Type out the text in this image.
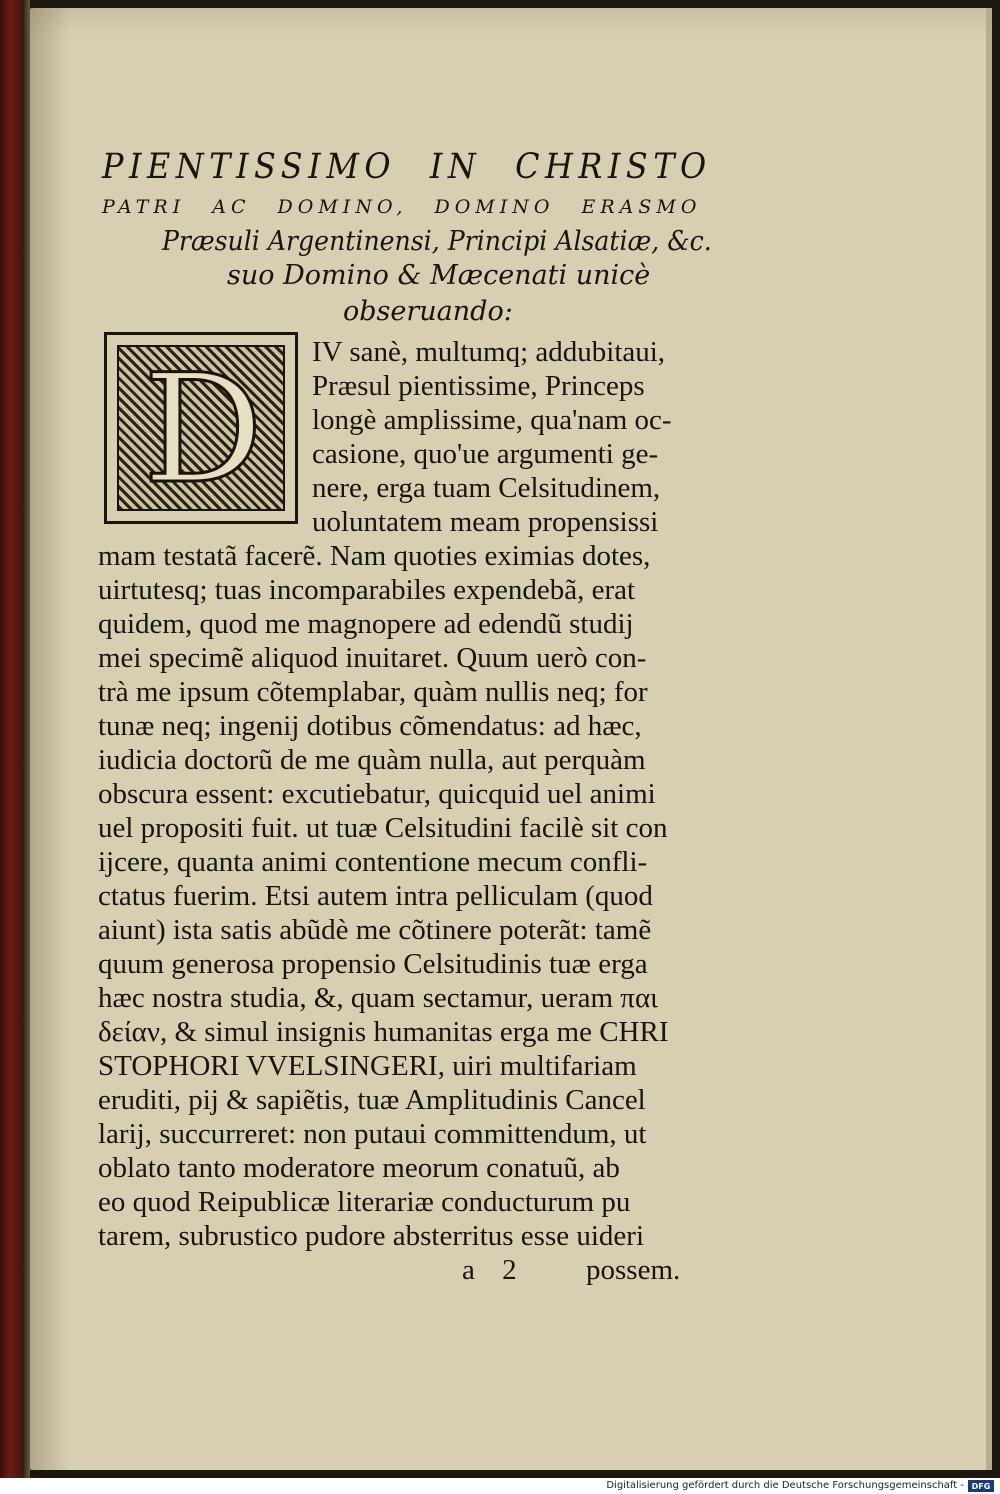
PIENTISSIMO IN CHRISTO
PATRI AC DOMINO, DOMINO ERASMO
Præsuli Argentinensi, Principi Alsatiæ, &c.
suo Domino & Mæcenati unicè
obseruando:
D	IV sanè, multumq; addubitaui,
Præsul pientissime, Princeps
longè amplissime, qua'nam oc-
casione, quo'ue argumenti ge-
nere, erga tuam Celsitudinem,
uoluntatem meam propensissi
mam testatã facerẽ. Nam quoties eximias dotes,
uirtutesq; tuas incomparabiles expendebã, erat
quidem, quod me magnopere ad edendũ studij
mei specimẽ aliquod inuitaret. Quum uerò con-
trà me ipsum cõtemplabar, quàm nullis neq; for
tunæ neq; ingenij dotibus cõmendatus: ad hæc,
iudicia doctorũ de me quàm nulla, aut perquàm
obscura essent: excutiebatur, quicquid uel animi
uel propositi fuit. ut tuæ Celsitudini facilè sit con
ijcere, quanta animi contentione mecum confli-
ctatus fuerim. Etsi autem intra pelliculam (quod
aiunt) ista satis abũdè me cõtinere poterãt: tamẽ
quum generosa propensio Celsitudinis tuæ erga
hæc nostra studia, &, quam sectamur, ueram παι
δείαν, & simul insignis humanitas erga me CHRI
STOPHORI VVELSINGERI, uiri multifariam
eruditi, pij & sapiẽtis, tuæ Amplitudinis Cancel
larij, succurreret: non putaui committendum, ut
oblato tanto moderatore meorum conatuũ, ab
eo quod Reipublicæ literariæ conducturum pu
tarem, subrustico pudore absterritus esse uideri
a 2 possem.
Digitalisierung gefördert durch die Deutsche Forschungsgemeinschaft - DFG
